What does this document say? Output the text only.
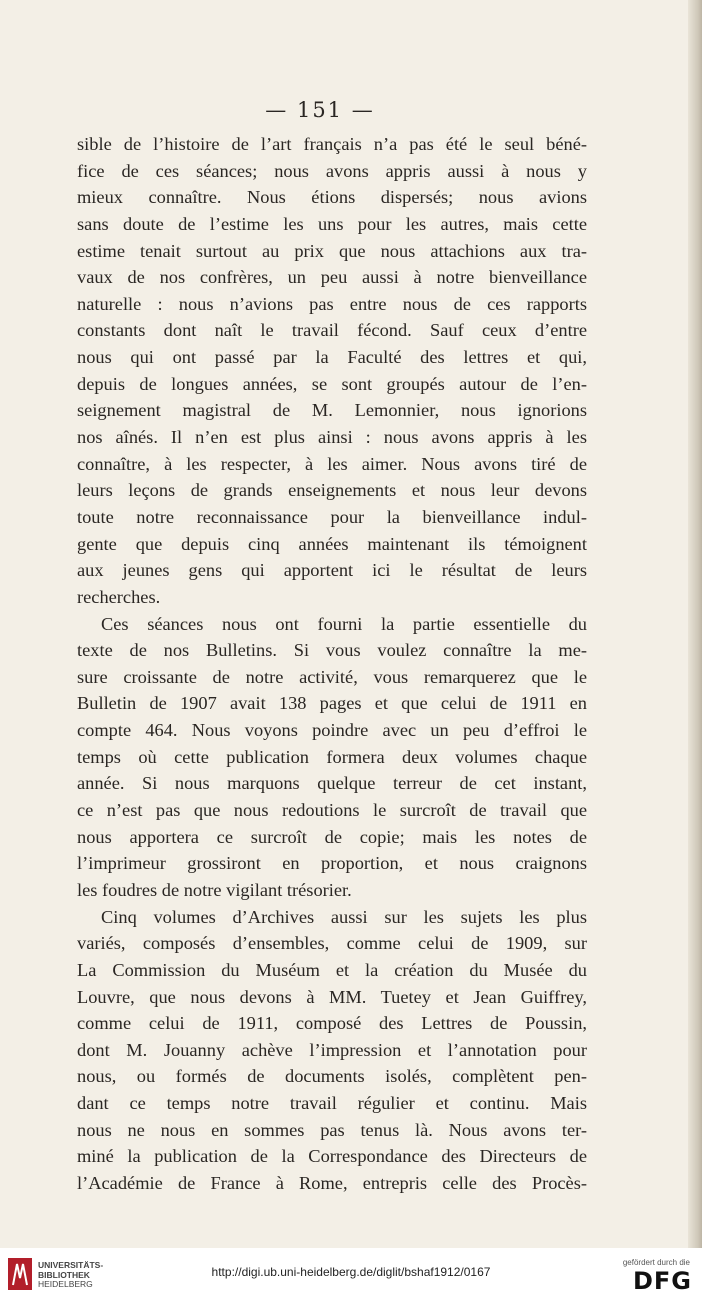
— 151 —
sible de l’histoire de l’art français n’a pas été le seul béné-
fice de ces séances; nous avons appris aussi à nous y
mieux connaître. Nous étions dispersés; nous avions
sans doute de l’estime les uns pour les autres, mais cette
estime tenait surtout au prix que nous attachions aux tra-
vaux de nos confrères, un peu aussi à notre bienveillance
naturelle : nous n’avions pas entre nous de ces rapports
constants dont naît le travail fécond. Sauf ceux d’entre
nous qui ont passé par la Faculté des lettres et qui,
depuis de longues années, se sont groupés autour de l’en-
seignement magistral de M. Lemonnier, nous ignorions
nos aînés. Il n’en est plus ainsi : nous avons appris à les
connaître, à les respecter, à les aimer. Nous avons tiré de
leurs leçons de grands enseignements et nous leur devons
toute notre reconnaissance pour la bienveillance indul-
gente que depuis cinq années maintenant ils témoignent
aux jeunes gens qui apportent ici le résultat de leurs
recherches.
Ces séances nous ont fourni la partie essentielle du
texte de nos Bulletins. Si vous voulez connaître la me-
sure croissante de notre activité, vous remarquerez que le
Bulletin de 1907 avait 138 pages et que celui de 1911 en
compte 464. Nous voyons poindre avec un peu d’effroi le
temps où cette publication formera deux volumes chaque
année. Si nous marquons quelque terreur de cet instant,
ce n’est pas que nous redoutions le surcroît de travail que
nous apportera ce surcroît de copie; mais les notes de
l’imprimeur grossiront en proportion, et nous craignons
les foudres de notre vigilant trésorier.
Cinq volumes d’Archives aussi sur les sujets les plus
variés, composés d’ensembles, comme celui de 1909, sur
La Commission du Muséum et la création du Musée du
Louvre, que nous devons à MM. Tuetey et Jean Guiffrey,
comme celui de 1911, composé des Lettres de Poussin,
dont M. Jouanny achève l’impression et l’annotation pour
nous, ou formés de documents isolés, complètent pen-
dant ce temps notre travail régulier et continu. Mais
nous ne nous en sommes pas tenus là. Nous avons ter-
miné la publication de la Correspondance des Directeurs de
l’Académie de France à Rome, entrepris celle des Procès-
UNIVERSITÄTS-
BIBLIOTHEK
HEIDELBERG
http://digi.ub.uni-heidelberg.de/diglit/bshaf1912/0167
gefördert durch die
DFG
